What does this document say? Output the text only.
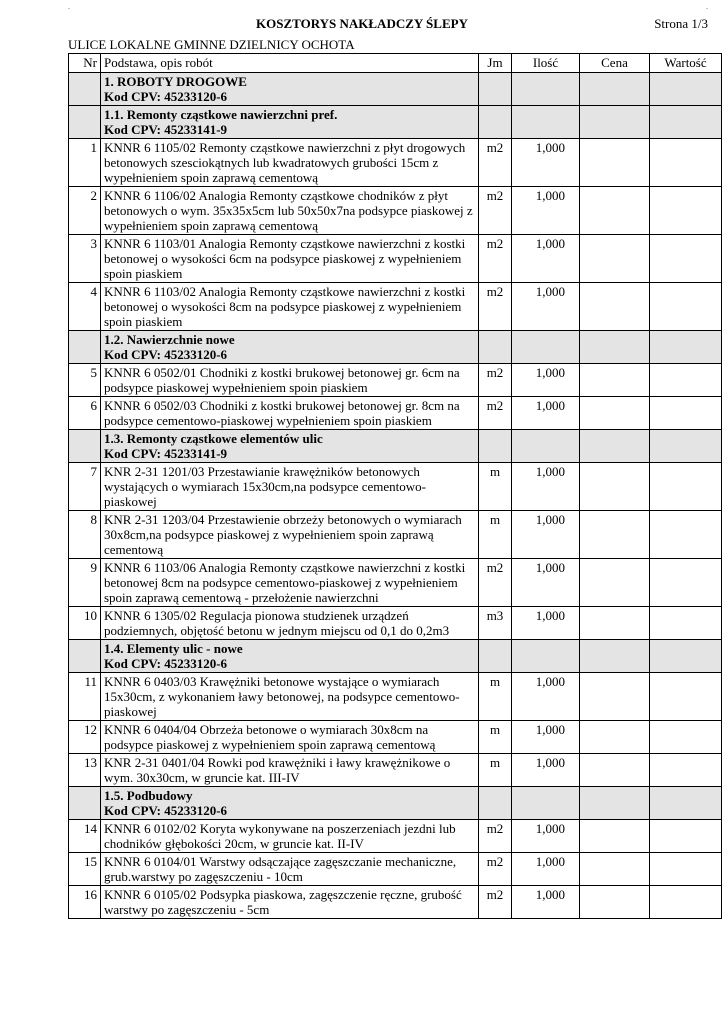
.	.
KOSZTORYS NAKŁADCZY ŚLEPY	Strona 1/3
ULICE LOKALNE GMINNE DZIELNICY OCHOTA
Nr	Podstawa, opis robót	Jm	Ilość	Cena	Wartość

	1. ROBOTY DROGOWE
Kod CPV: 45233120-6				

	1.1. Remonty cząstkowe nawierzchni pref.
Kod CPV: 45233141-9				

1	KNNR 6 1105/02 Remonty cząstkowe nawierzchni z płyt drogowych betonowych szesciokątnych lub kwadratowych grubości 15cm z wypełnieniem spoin zaprawą cementową	m2	1,000		
2	KNNR 6 1106/02 Analogia Remonty cząstkowe chodników z płyt betonowych o wym. 35x35x5cm lub 50x50x7na podsypce piaskowej z wypełnieniem spoin zaprawą cementową	m2	1,000		
3	KNNR 6 1103/01 Analogia Remonty cząstkowe nawierzchni z kostki betonowej o wysokości 6cm na podsypce piaskowej z wypełnieniem spoin piaskiem	m2	1,000		
4	KNNR 6 1103/02 Analogia Remonty cząstkowe nawierzchni z kostki betonowej o wysokości 8cm na podsypce piaskowej z wypełnieniem spoin piaskiem	m2	1,000		

	1.2. Nawierzchnie nowe
Kod CPV: 45233120-6				

5	KNNR 6 0502/01 Chodniki z kostki brukowej betonowej gr. 6cm na podsypce piaskowej wypełnieniem spoin piaskiem	m2	1,000		
6	KNNR 6 0502/03 Chodniki z kostki brukowej betonowej gr. 8cm na podsypce cementowo-piaskowej wypełnieniem spoin piaskiem	m2	1,000		

	1.3. Remonty cząstkowe elementów ulic
Kod CPV: 45233141-9				

7	KNR 2-31 1201/03 Przestawianie krawężników betonowych wystających o wymiarach 15x30cm,na podsypce cementowo-piaskowej	m	1,000		
8	KNR 2-31 1203/04 Przestawienie obrzeży betonowych o wymiarach 30x8cm,na podsypce piaskowej z wypełnieniem spoin zaprawą cementową	m	1,000		
9	KNNR 6 1103/06 Analogia Remonty cząstkowe nawierzchni z kostki betonowej 8cm na podsypce cementowo-piaskowej z wypełnieniem spoin zaprawą cementową - przełożenie nawierzchni	m2	1,000		
10	KNNR 6 1305/02 Regulacja pionowa studzienek urządzeń podziemnych, objętość betonu w jednym miejscu od 0,1 do 0,2m3	m3	1,000		

	1.4. Elementy ulic - nowe
Kod CPV: 45233120-6				

11	KNNR 6 0403/03 Krawężniki betonowe wystające o wymiarach 15x30cm, z wykonaniem ławy betonowej, na podsypce cementowo-piaskowej	m	1,000		
12	KNNR 6 0404/04 Obrzeża betonowe o wymiarach 30x8cm na podsypce piaskowej z wypełnieniem spoin zaprawą cementową	m	1,000		
13	KNR 2-31 0401/04 Rowki pod krawężniki i ławy krawężnikowe o wym. 30x30cm, w gruncie kat. III-IV	m	1,000		

	1.5. Podbudowy
Kod CPV: 45233120-6				

14	KNNR 6 0102/02 Koryta wykonywane na poszerzeniach jezdni lub chodników głębokości 20cm, w gruncie kat. II-IV	m2	1,000		
15	KNNR 6 0104/01 Warstwy odsączające zagęszczanie mechaniczne, grub.warstwy po zagęszczeniu - 10cm	m2	1,000		
16	KNNR 6 0105/02 Podsypka piaskowa, zagęszczenie ręczne, grubość warstwy po zagęszczeniu - 5cm	m2	1,000		
